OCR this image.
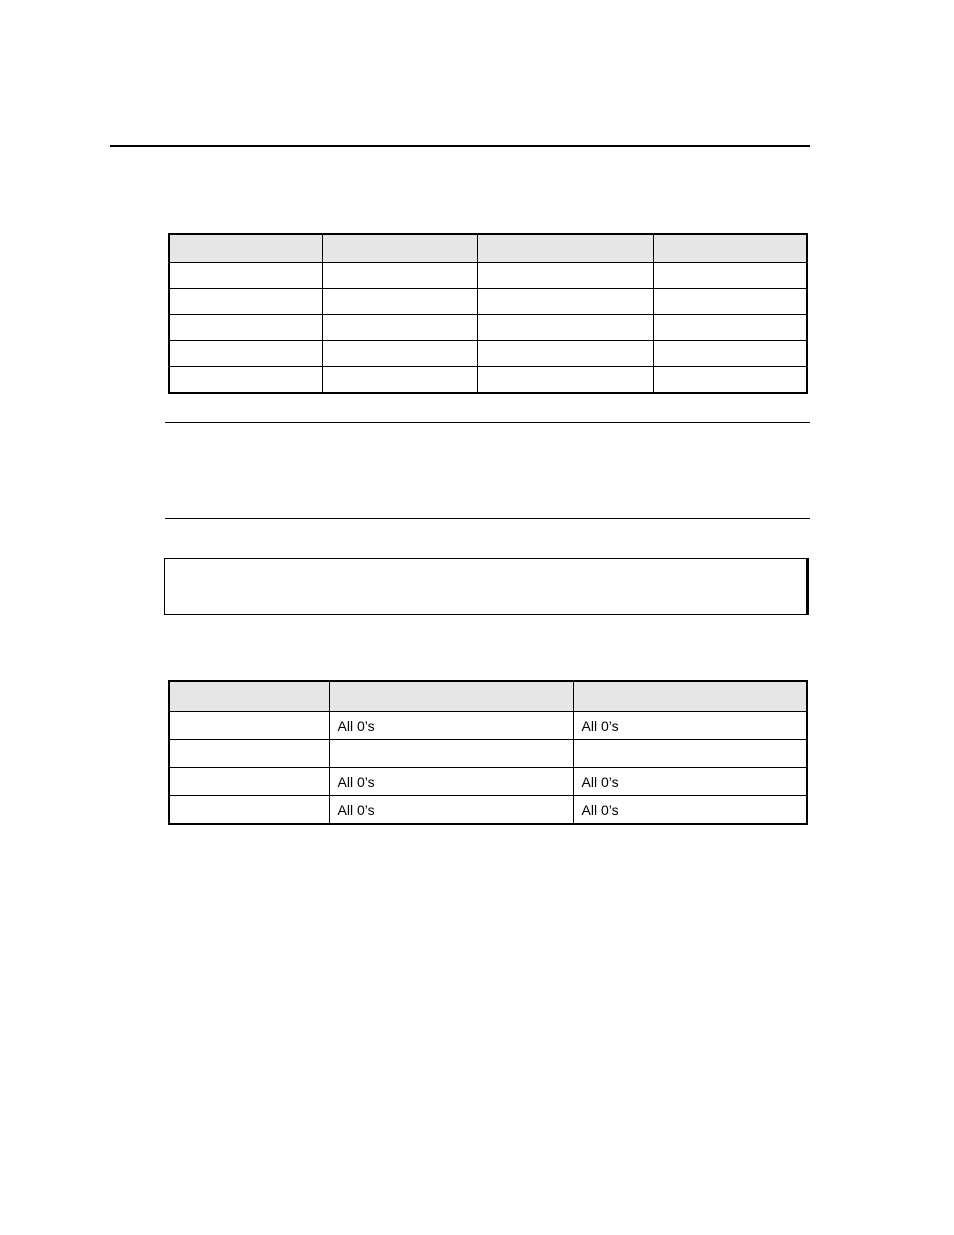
	All 0’s	All 0’s

	All 0’s	All 0’s
	All 0’s	All 0’s
